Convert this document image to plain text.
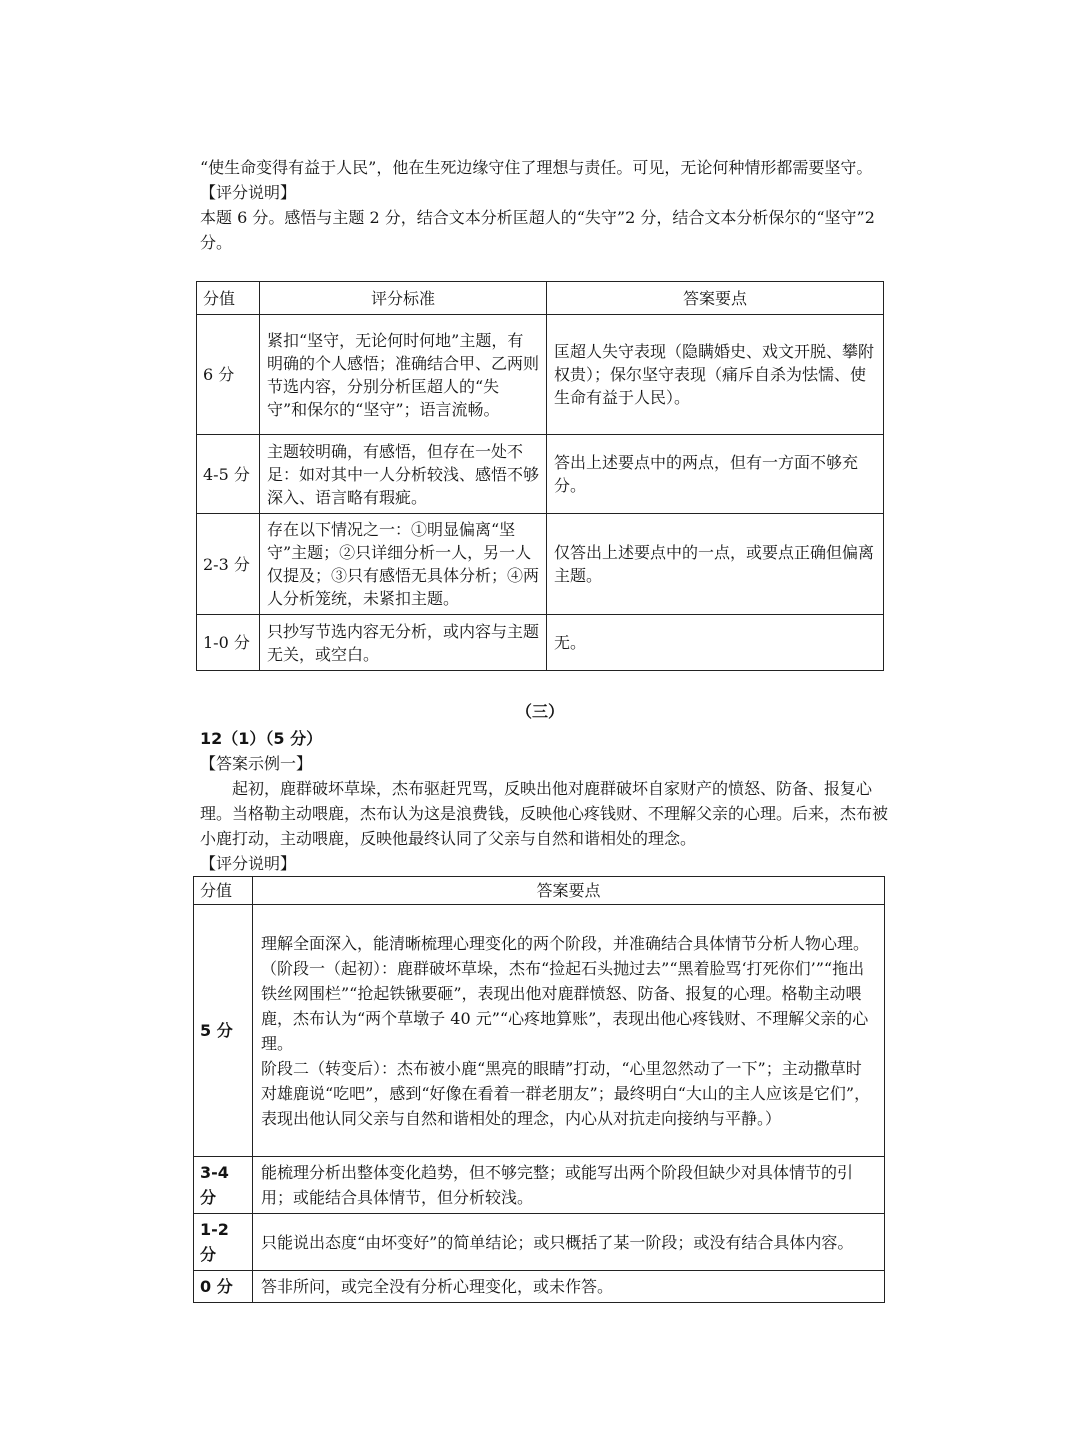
“使生命变得有益于人民”，他在生死边缘守住了理想与责任。可见，无论何种情形都需要坚守。

【评分说明】

本题 6 分。感悟与主题 2 分，结合文本分析匡超人的“失守”2 分，结合文本分析保尔的“坚守”2 分。

分值	评分标准	答案要点
6 分	紧扣“坚守，无论何时何地”主题，有明确的个人感悟；准确结合甲、乙两则节选内容，分别分析匡超人的“失守”和保尔的“坚守”；语言流畅。	匡超人失守表现（隐瞒婚史、戏文开脱、攀附权贵）；保尔坚守表现（痛斥自杀为怯懦、使生命有益于人民）。
4-5 分	主题较明确，有感悟，但存在一处不足：如对其中一人分析较浅、感悟不够深入、语言略有瑕疵。	答出上述要点中的两点，但有一方面不够充分。
2-3 分	存在以下情况之一：①明显偏离“坚守”主题；②只详细分析一人，另一人仅提及；③只有感悟无具体分析；④两人分析笼统，未紧扣主题。	仅答出上述要点中的一点，或要点正确但偏离主题。
1-0 分	只抄写节选内容无分析，或内容与主题无关，或空白。	无。
（三）

12（1）（5 分）

【答案示例一】

起初，鹿群破坏草垛，杰布驱赶咒骂，反映出他对鹿群破坏自家财产的愤怒、防备、报复心理。当格勒主动喂鹿，杰布认为这是浪费钱，反映他心疼钱财、不理解父亲的心理。后来，杰布被小鹿打动，主动喂鹿，反映他最终认同了父亲与自然和谐相处的理念。

【评分说明】

分值	答案要点
5 分	理解全面深入，能清晰梳理心理变化的两个阶段，并准确结合具体情节分析人物心理。
（阶段一（起初）：鹿群破坏草垛，杰布“捡起石头抛过去”“黑着脸骂‘打死你们’”“拖出铁丝网围栏”“抢起铁锹要砸”，表现出他对鹿群愤怒、防备、报复的心理。格勒主动喂鹿，杰布认为“两个草墩子 40 元”“心疼地算账”，表现出他心疼钱财、不理解父亲的心理。
阶段二（转变后）：杰布被小鹿“黑亮的眼睛”打动，“心里忽然动了一下”；主动撒草时对雄鹿说“吃吧”，感到“好像在看着一群老朋友”；最终明白“大山的主人应该是它们”，表现出他认同父亲与自然和谐相处的理念，内心从对抗走向接纳与平静。）

3-4 分	能梳理分析出整体变化趋势，但不够完整；或能写出两个阶段但缺少对具体情节的引用；或能结合具体情节，但分析较浅。
1-2 分	只能说出态度“由坏变好”的简单结论；或只概括了某一阶段；或没有结合具体内容。
0 分	答非所问，或完全没有分析心理变化，或未作答。
